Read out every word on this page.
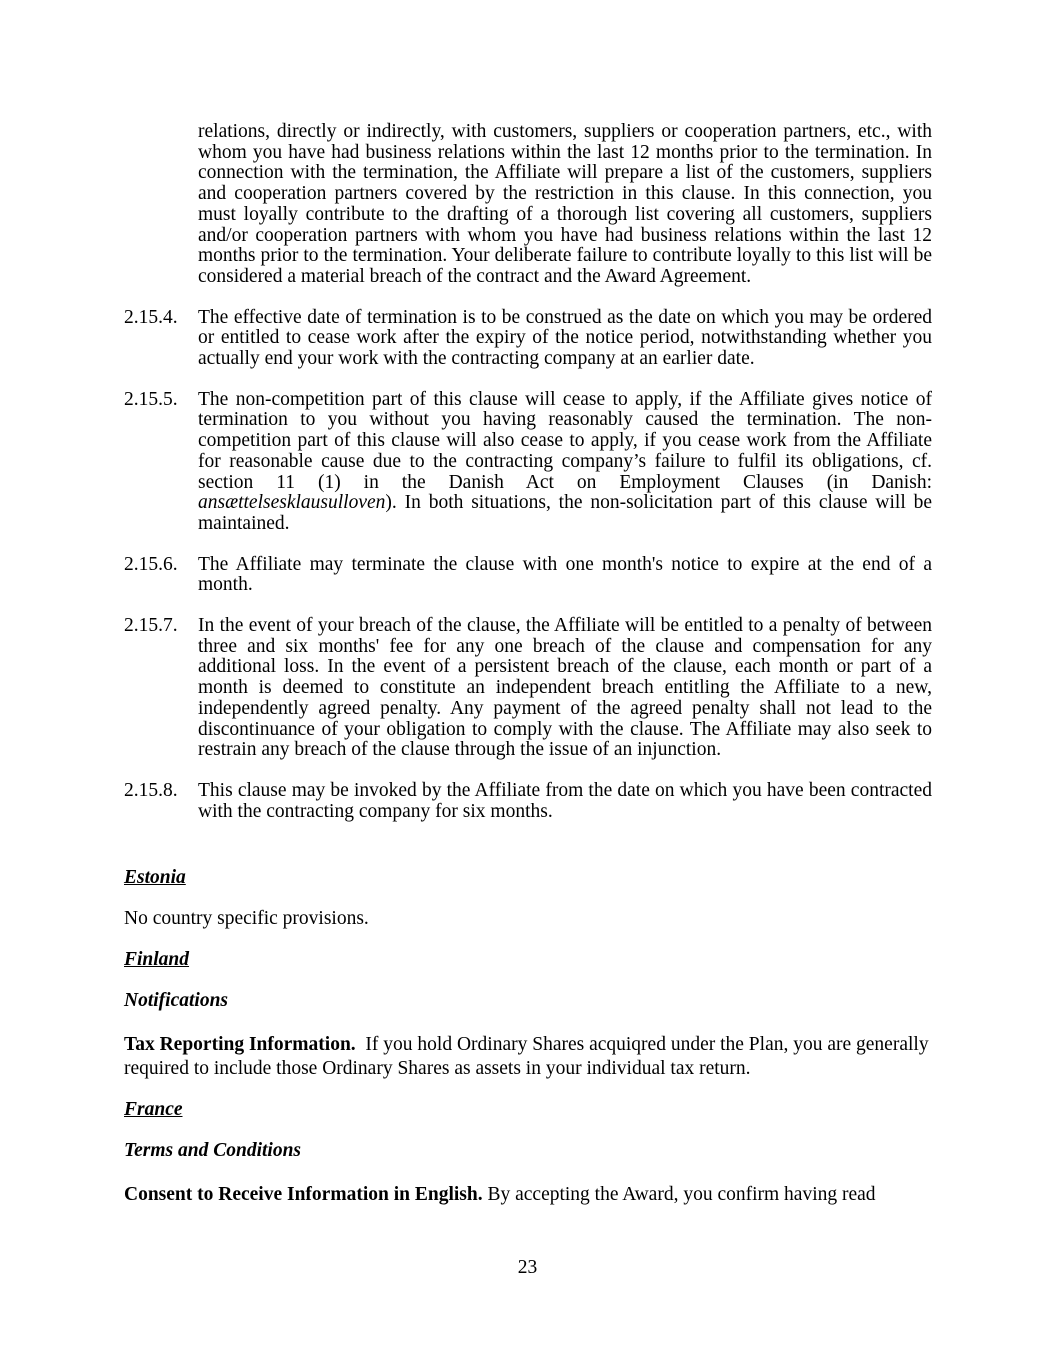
relations, directly or indirectly, with customers, suppliers or cooperation partners, etc., with whom you have had business relations within the last 12 months prior to the termination. In connection with the termination, the Affiliate will prepare a list of the customers, suppliers and cooperation partners covered by the restriction in this clause. In this connection, you must loyally contribute to the drafting of a thorough list covering all customers, suppliers and/or cooperation partners with whom you have had business relations within the last 12 months prior to the termination. Your deliberate failure to contribute loyally to this list will be considered a material breach of the contract and the Award Agreement.

2.15.4. The effective date of termination is to be construed as the date on which you may be ordered or entitled to cease work after the expiry of the notice period, notwithstanding whether you actually end your work with the contracting company at an earlier date.

2.15.5. The non-competition part of this clause will cease to apply, if the Affiliate gives notice of termination to you without you having reasonably caused the termination. The non-competition part of this clause will also cease to apply, if you cease work from the Affiliate for reasonable cause due to the contracting company’s failure to fulfil its obligations, cf. section 11 (1) in the Danish Act on Employment Clauses (in Danish: ansættelsesklausulloven). In both situations, the non-solicitation part of this clause will be maintained.

2.15.6. The Affiliate may terminate the clause with one month's notice to expire at the end of a month.

2.15.7. In the event of your breach of the clause, the Affiliate will be entitled to a penalty of between three and six months' fee for any one breach of the clause and compensation for any additional loss. In the event of a persistent breach of the clause, each month or part of a month is deemed to constitute an independent breach entitling the Affiliate to a new, independently agreed penalty. Any payment of the agreed penalty shall not lead to the discontinuance of your obligation to comply with the clause. The Affiliate may also seek to restrain any breach of the clause through the issue of an injunction.

2.15.8. This clause may be invoked by the Affiliate from the date on which you have been contracted with the contracting company for six months.

Estonia

No country specific provisions.

Finland

Notifications

Tax Reporting Information. If you hold Ordinary Shares acquiqred under the Plan, you are generally required to include those Ordinary Shares as assets in your individual tax return.

France

Terms and Conditions

Consent to Receive Information in English. By accepting the Award, you confirm having read

23
